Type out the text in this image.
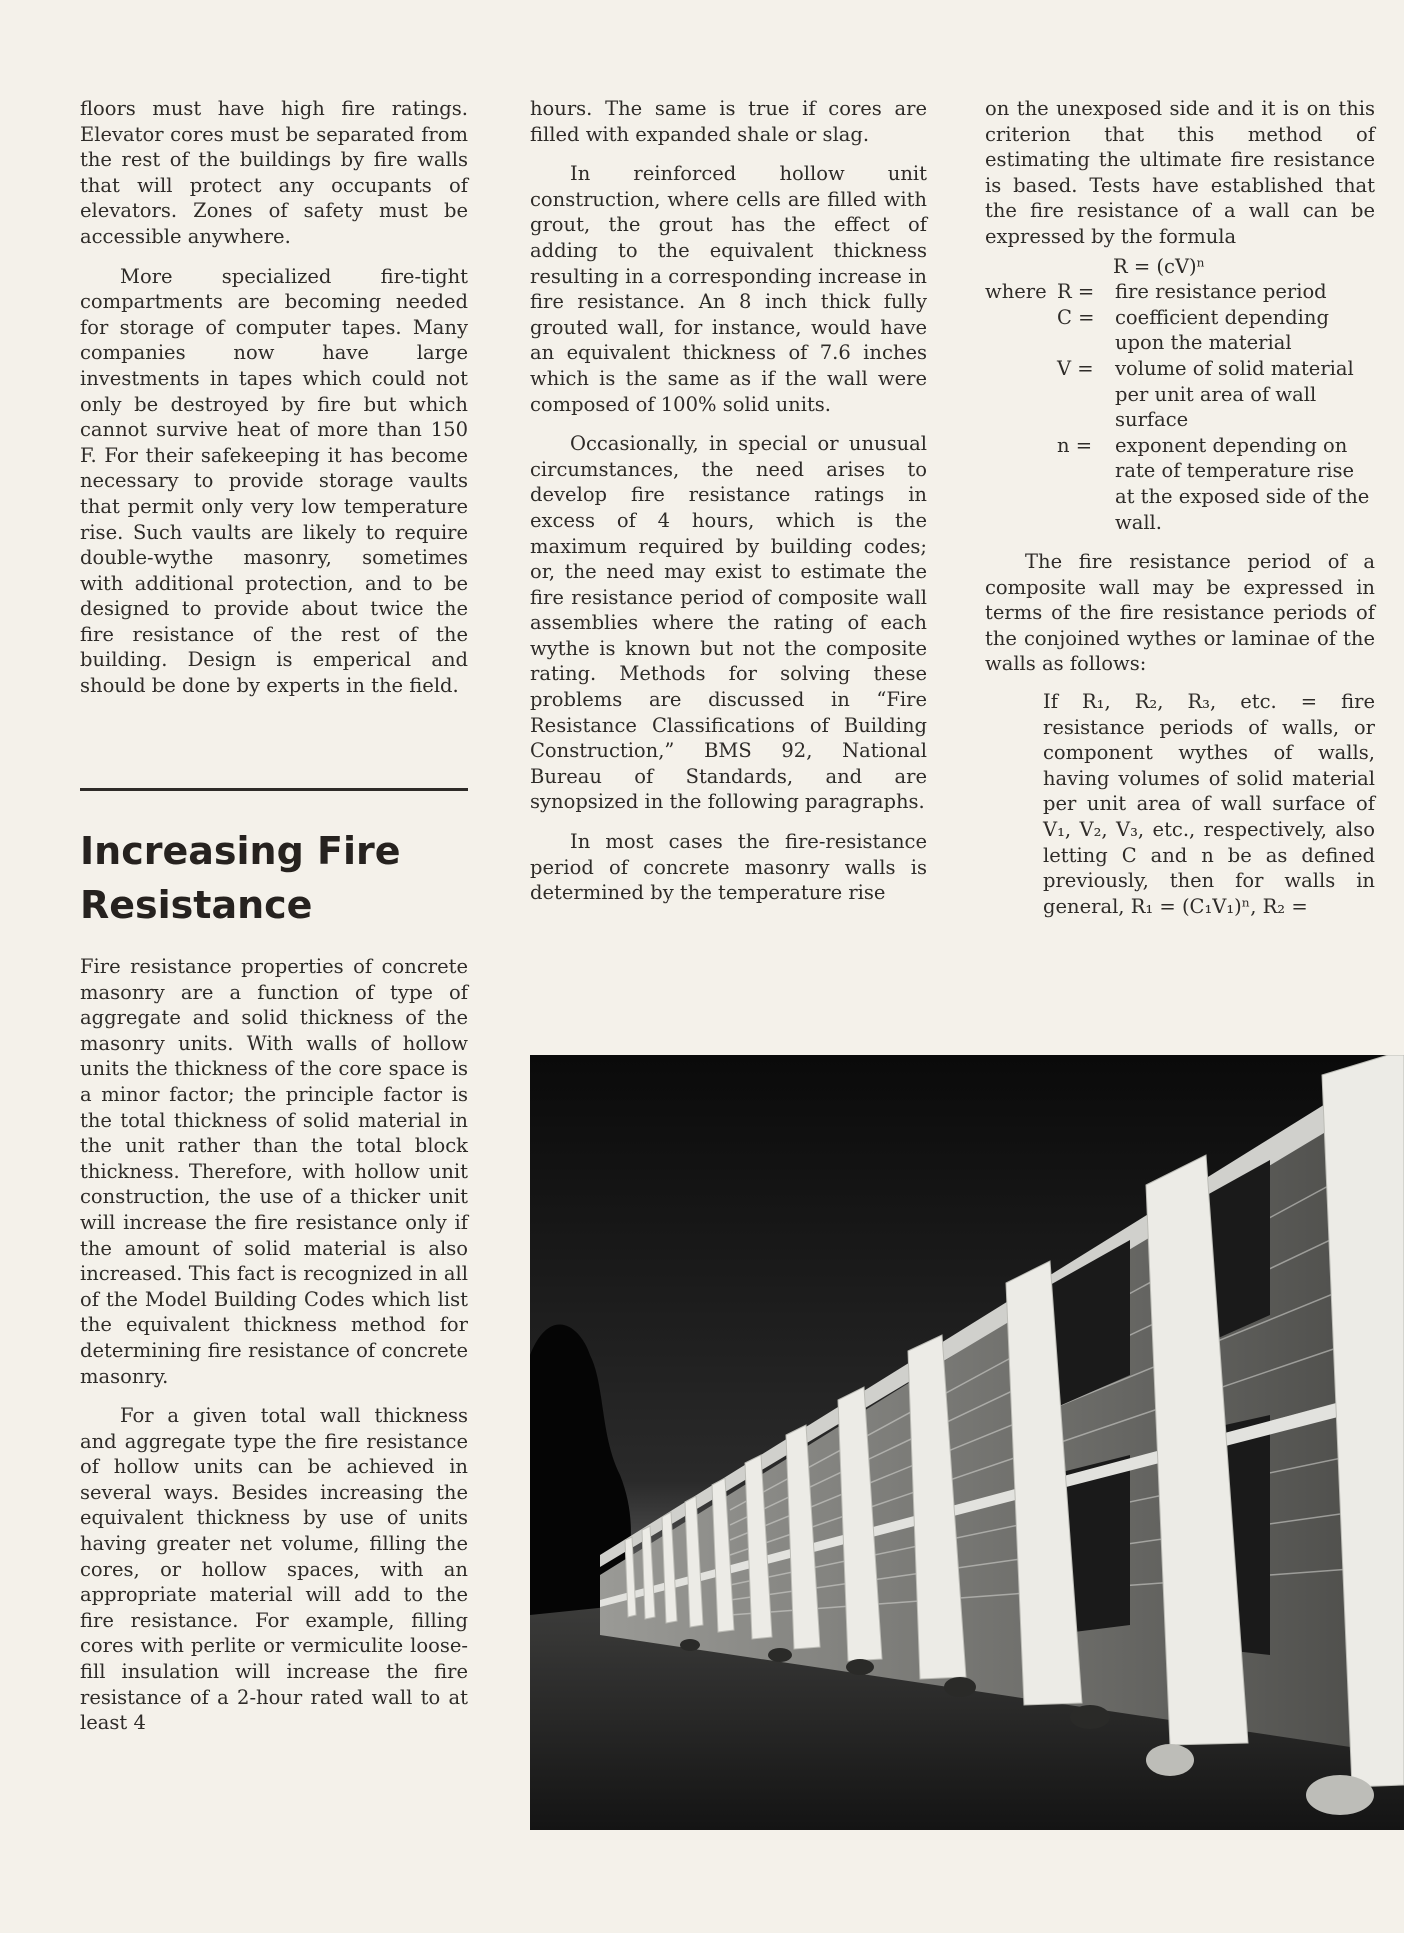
floors must have high fire ratings. Elevator cores must be separated from the rest of the buildings by fire walls that will protect any occupants of elevators. Zones of safety must be accessible anywhere.

More specialized fire-tight compartments are becoming needed for storage of computer tapes. Many companies now have large investments in tapes which could not only be destroyed by fire but which cannot survive heat of more than 150 F. For their safekeeping it has become necessary to provide storage vaults that permit only very low temperature rise. Such vaults are likely to require double-wythe masonry, sometimes with additional protection, and to be designed to provide about twice the fire resistance of the rest of the building. Design is emperical and should be done by experts in the field.

Increasing Fire Resistance

Fire resistance properties of concrete masonry are a function of type of aggregate and solid thickness of the masonry units. With walls of hollow units the thickness of the core space is a minor factor; the principle factor is the total thickness of solid material in the unit rather than the total block thickness. Therefore, with hollow unit construction, the use of a thicker unit will increase the fire resistance only if the amount of solid material is also increased. This fact is recognized in all of the Model Building Codes which list the equivalent thickness method for determining fire resistance of concrete masonry.

For a given total wall thickness and aggregate type the fire resistance of hollow units can be achieved in several ways. Besides increasing the equivalent thickness by use of units having greater net volume, filling the cores, or hollow spaces, with an appropriate material will add to the fire resistance. For example, filling cores with perlite or vermiculite loose-fill insulation will increase the fire resistance of a 2-hour rated wall to at least 4

hours. The same is true if cores are filled with expanded shale or slag.

In reinforced hollow unit construction, where cells are filled with grout, the grout has the effect of adding to the equivalent thickness resulting in a corresponding increase in fire resistance. An 8 inch thick fully grouted wall, for instance, would have an equivalent thickness of 7.6 inches which is the same as if the wall were composed of 100% solid units.

Occasionally, in special or unusual circumstances, the need arises to develop fire resistance ratings in excess of 4 hours, which is the maximum required by building codes; or, the need may exist to estimate the fire resistance period of composite wall assemblies where the rating of each wythe is known but not the composite rating. Methods for solving these problems are discussed in “Fire Resistance Classifications of Building Construction,” BMS 92, National Bureau of Standards, and are synopsized in the following paragraphs.

In most cases the fire-resistance period of concrete masonry walls is determined by the temperature rise

on the unexposed side and it is on this criterion that this method of estimating the ultimate fire resistance is based. Tests have established that the fire resistance of a wall can be expressed by the formula

R = (cV)ⁿ
where R = fire resistance period
C = coefficient depending upon the material
V = volume of solid material per unit area of wall surface
n = exponent depending on rate of temperature rise at the exposed side of the wall.

The fire resistance period of a composite wall may be expressed in terms of the fire resistance periods of the conjoined wythes or laminae of the walls as follows:

If R₁, R₂, R₃, etc. = fire resistance periods of walls, or component wythes of walls, having volumes of solid material per unit area of wall surface of V₁, V₂, V₃, etc., respectively, also letting C and n be as defined previously, then for walls in general, R₁ = (C₁V₁)ⁿ, R₂ =
